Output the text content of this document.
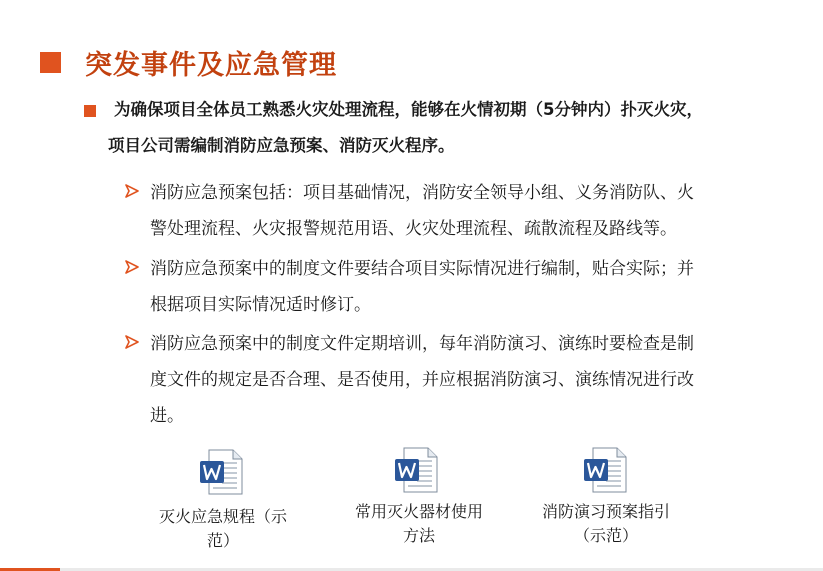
突发事件及应急管理
为确保项目全体员工熟悉火灾处理流程，能够在火情初期（5分钟内）扑灭火灾，
项目公司需编制消防应急预案、消防灭火程序。
消防应急预案包括：项目基础情况，消防安全领导小组、义务消防队、火
警处理流程、火灾报警规范用语、火灾处理流程、疏散流程及路线等。
消防应急预案中的制度文件要结合项目实际情况进行编制，贴合实际；并
根据项目实际情况适时修订。
消防应急预案中的制度文件定期培训，每年消防演习、演练时要检查是制
度文件的规定是否合理、是否使用，并应根据消防演习、演练情况进行改
进。
灭火应急规程（示
范）
常用灭火器材使用
方法
消防演习预案指引
（示范）
